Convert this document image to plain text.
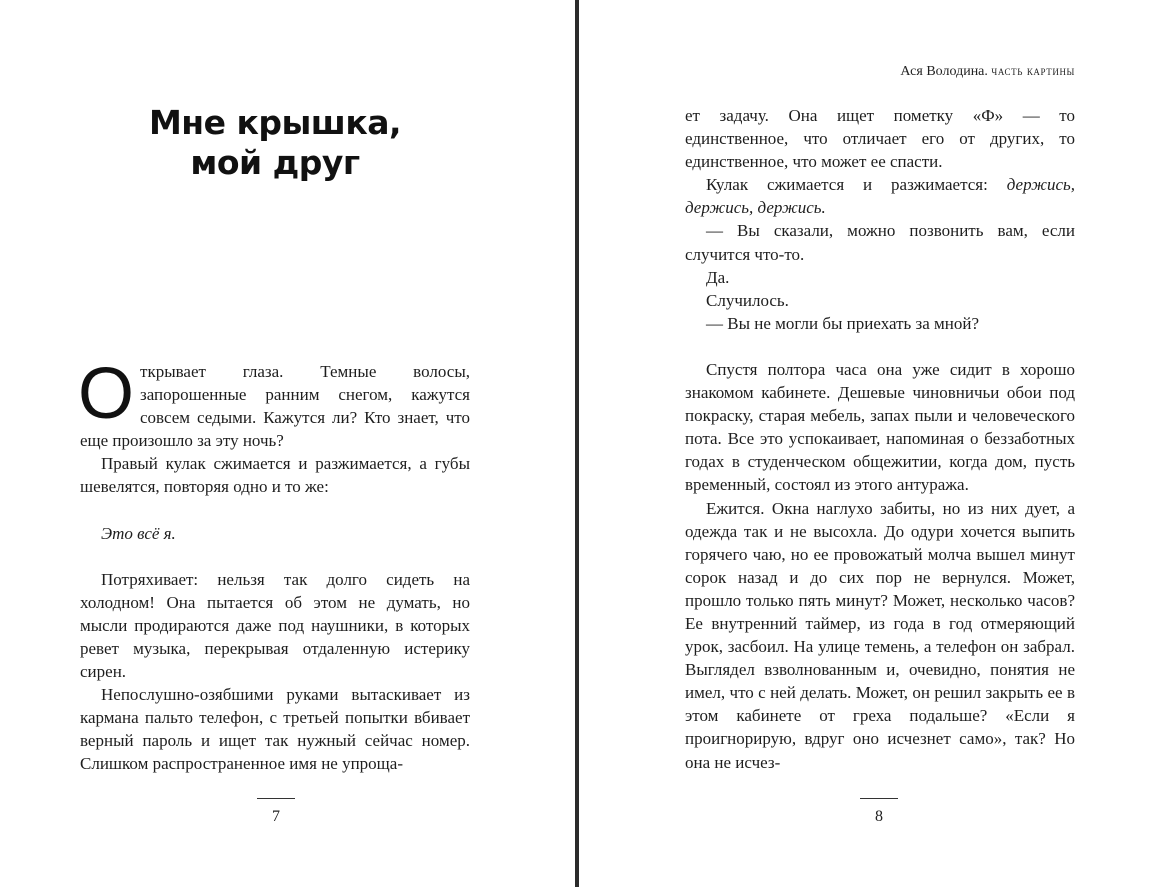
Мне крышка,
мой друг

Открывает глаза. Темные волосы, запорошенные ранним снегом, кажутся совсем седыми. Кажутся ли? Кто знает, что еще произошло за эту ночь?

Правый кулак сжимается и разжимается, а губы шевелятся, повторяя одно и то же:

Это всё я.

Потряхивает: нельзя так долго сидеть на холодном! Она пытается об этом не думать, но мысли продираются даже под наушники, в которых ревет музыка, перекрывая отдаленную истерику сирен.

Непослушно-озябшими руками вытаскивает из кармана пальто телефон, с третьей попытки вбивает верный пароль и ищет так нужный сейчас номер. Слишком распространенное имя не упроща-

7
Ася Володина. часть картины

ет задачу. Она ищет пометку «Ф» — то единственное, что отличает его от других, то единственное, что может ее спасти.

Кулак сжимается и разжимается: держись, держись, держись.

— Вы сказали, можно позвонить вам, если случится что-то.

Да.

Случилось.

— Вы не могли бы приехать за мной?

Спустя полтора часа она уже сидит в хорошо знакомом кабинете. Дешевые чиновничьи обои под покраску, старая мебель, запах пыли и человеческого пота. Все это успокаивает, напоминая о беззаботных годах в студенческом общежитии, когда дом, пусть временный, состоял из этого антуража.

Ежится. Окна наглухо забиты, но из них дует, а одежда так и не высохла. До одури хочется выпить горячего чаю, но ее провожатый молча вышел минут сорок назад и до сих пор не вернулся. Может, прошло только пять минут? Может, несколько часов? Ее внутренний таймер, из года в год отмеряющий урок, засбоил. На улице темень, а телефон он забрал. Выглядел взволнованным и, очевидно, понятия не имел, что с ней делать. Может, он решил закрыть ее в этом кабинете от греха подальше? «Если я проигнорирую, вдруг оно исчезнет само», так? Но она не исчез-

8
